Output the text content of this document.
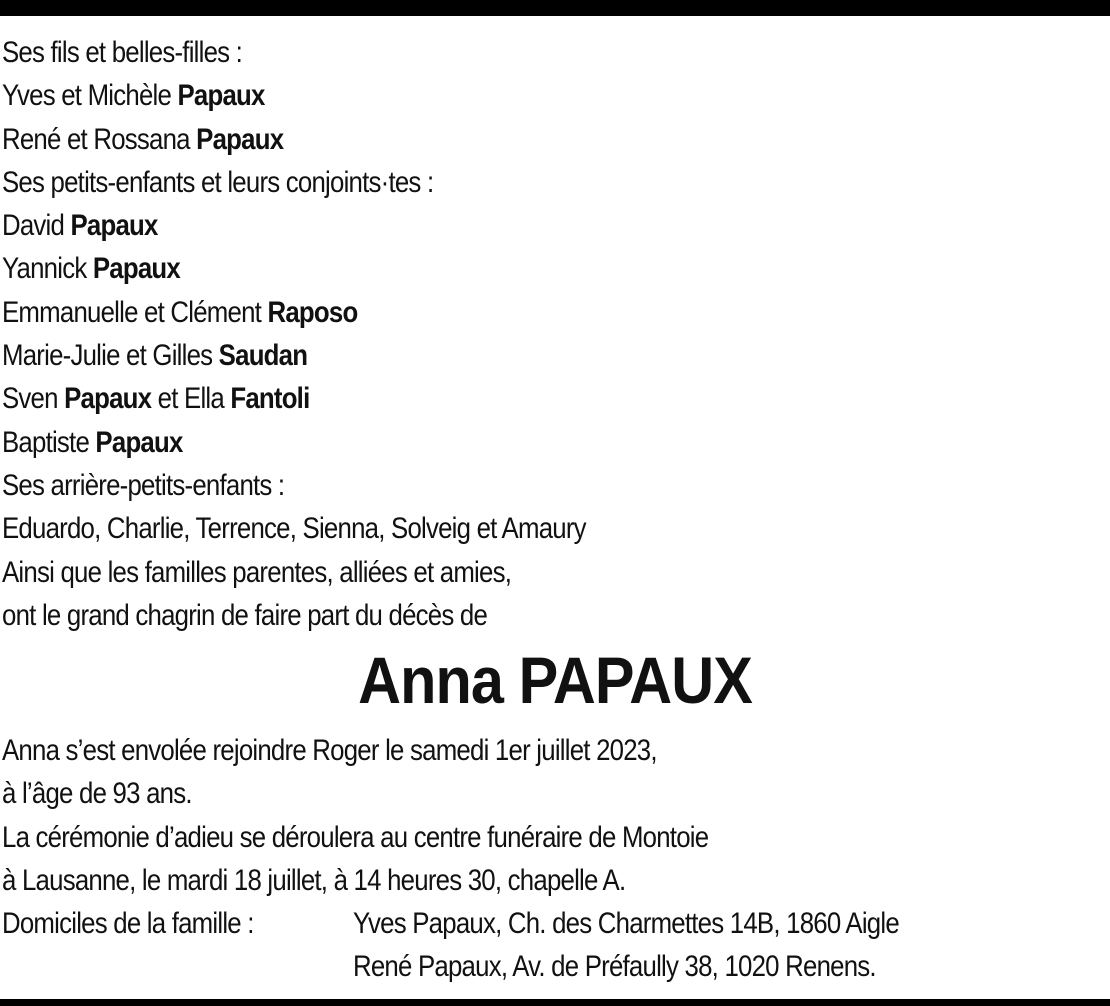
Ses fils et belles-filles :
Yves et Michèle Papaux
René et Rossana Papaux
Ses petits-enfants et leurs conjoints·tes :
David Papaux
Yannick Papaux
Emmanuelle et Clément Raposo
Marie-Julie et Gilles Saudan
Sven Papaux et Ella Fantoli
Baptiste Papaux
Ses arrière-petits-enfants :
Eduardo, Charlie, Terrence, Sienna, Solveig et Amaury
Ainsi que les familles parentes, alliées et amies,
ont le grand chagrin de faire part du décès de
Anna PAPAUX
Anna s’est envolée rejoindre Roger le samedi 1er juillet 2023,
à l’âge de 93 ans.
La cérémonie d’adieu se déroulera au centre funéraire de Montoie
à Lausanne, le mardi 18 juillet, à 14 heures 30, chapelle A.
Domiciles de la famille :	Yves Papaux, Ch. des Charmettes 14B, 1860 Aigle
René Papaux, Av. de Préfaully 38, 1020 Renens.
